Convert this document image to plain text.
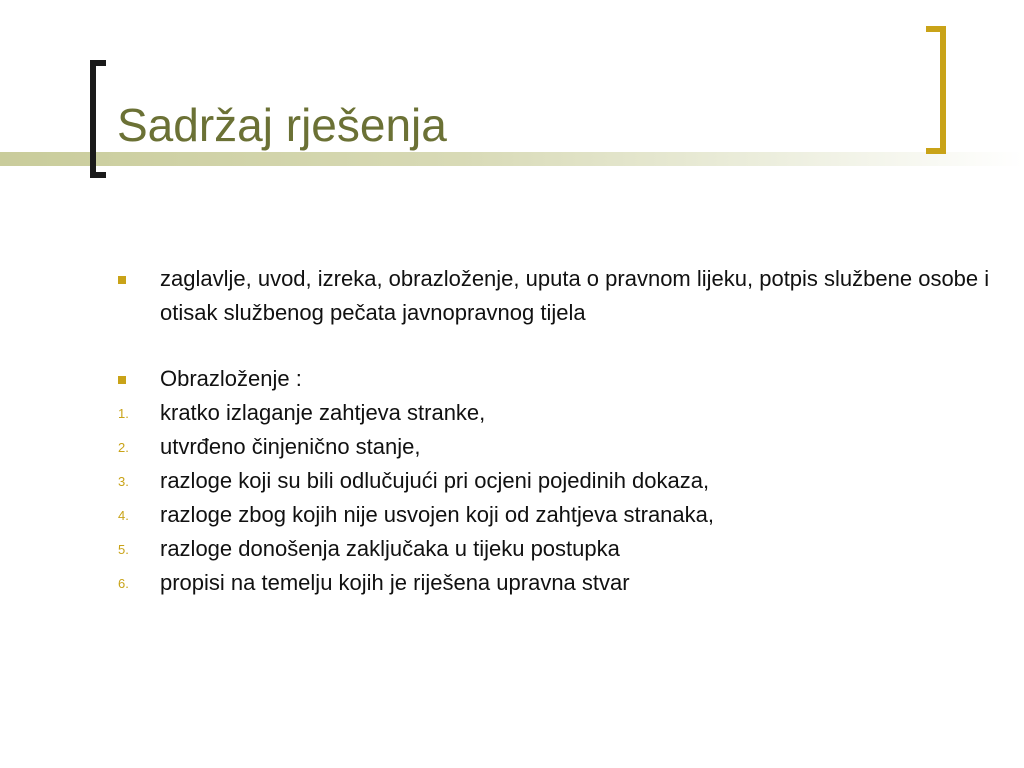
Sadržaj rješenja
zaglavlje, uvod, izreka, obrazloženje, uputa o pravnom lijeku, potpis službene osobe i otisak službenog pečata javnopravnog tijela
Obrazloženje :
1. kratko izlaganje zahtjeva stranke,
2. utvrđeno činjenično stanje,
3. razloge koji su bili odlučujući pri ocjeni pojedinih dokaza,
4. razloge zbog kojih nije usvojen koji od zahtjeva stranaka,
5. razloge donošenja zaključaka u tijeku postupka
6. propisi na temelju kojih je riješena upravna stvar
